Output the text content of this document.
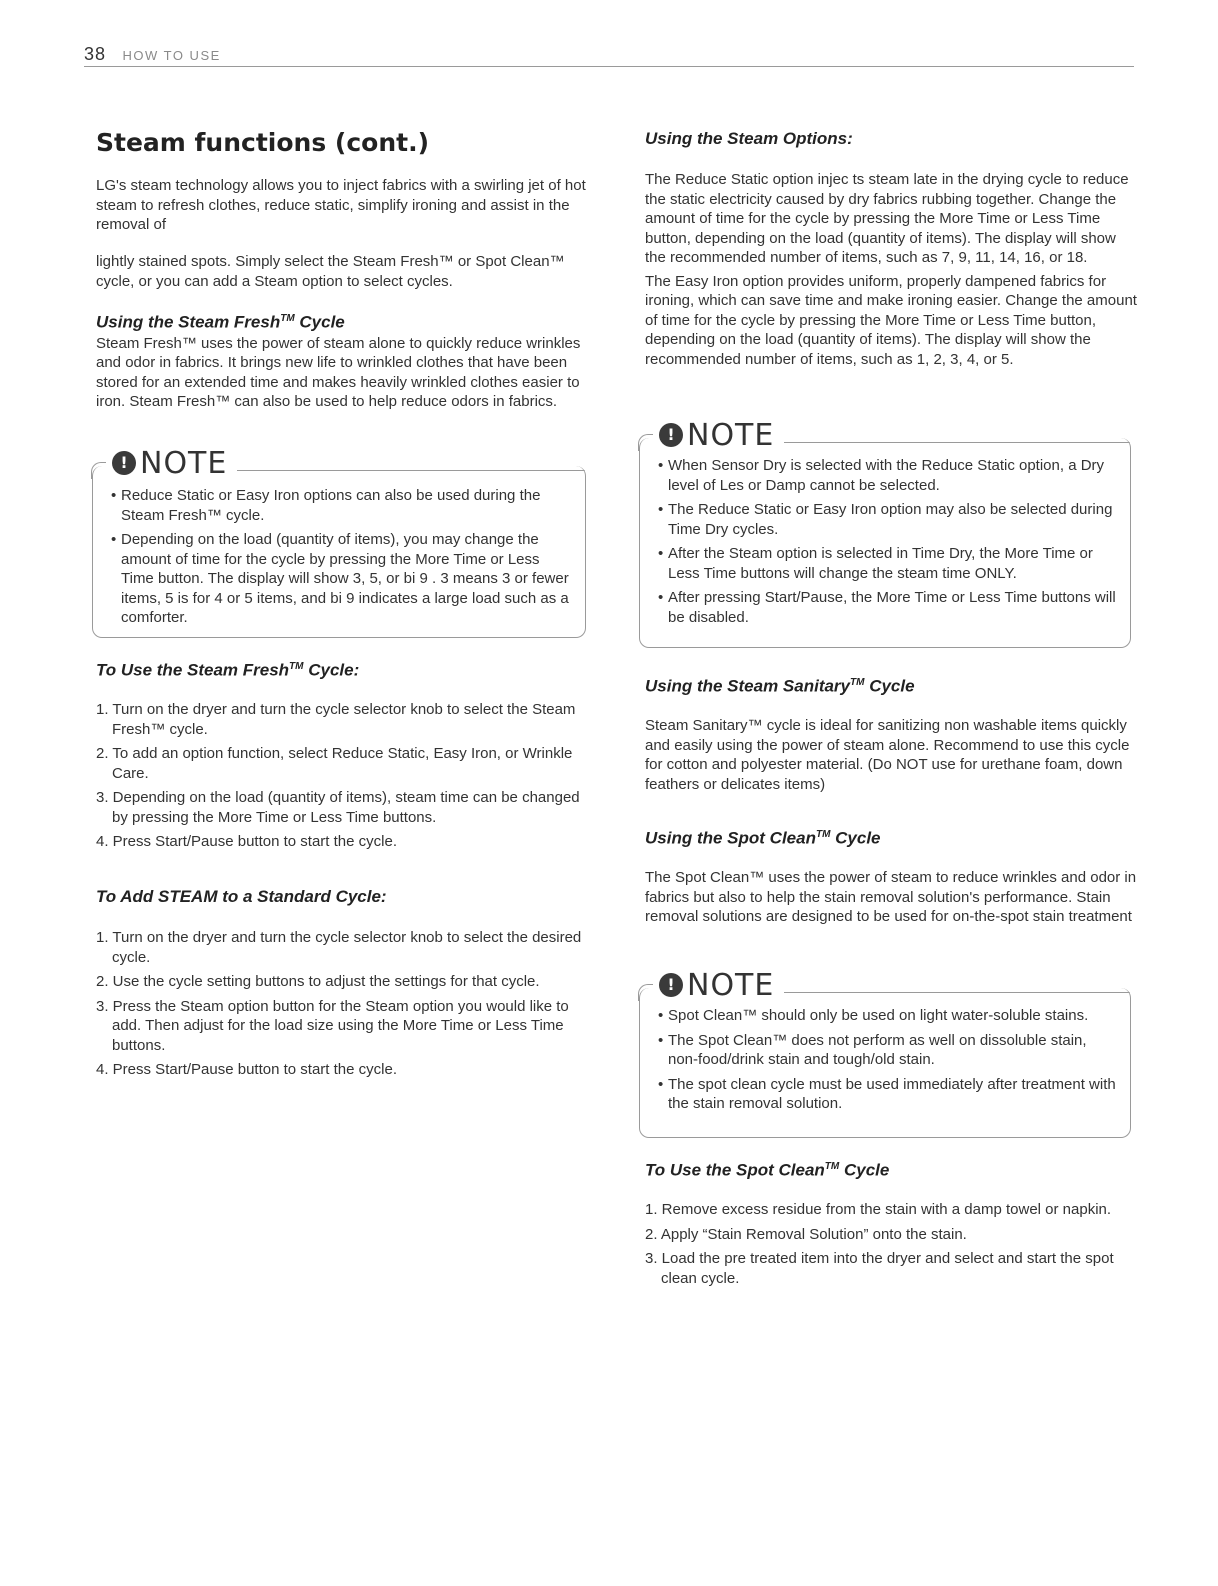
38 HOW TO USE
Steam functions (cont.)

LG's steam technology allows you to inject fabrics with a swirling jet of hot steam to refresh clothes, reduce static, simplify ironing and assist in the removal of

lightly stained spots. Simply select the Steam Fresh™ or Spot Clean™ cycle, or you can add a Steam option to select cycles.

Using the Steam Fresh™ Cycle

Steam Fresh™ uses the power of steam alone to quickly reduce wrinkles and odor in fabrics. It brings new life to wrinkled clothes that have been stored for an extended time and makes heavily wrinkled clothes easier to iron. Steam Fresh™ can also be used to help reduce odors in fabrics.

! NOTE
• Reduce Static or Easy Iron options can also be used during the Steam Fresh™ cycle.
• Depending on the load (quantity of items), you may change the amount of time for the cycle by pressing the More Time or Less Time button. The display will show 3, 5, or bi 9 . 3 means 3 or fewer items, 5 is for 4 or 5 items, and bi 9 indicates a large load such as a comforter.
To Use the Steam Fresh™ Cycle:
1. Turn on the dryer and turn the cycle selector knob to select the Steam Fresh™ cycle.
2. To add an option function, select Reduce Static, Easy Iron, or Wrinkle Care.
3. Depending on the load (quantity of items), steam time can be changed by pressing the More Time or Less Time buttons.
4. Press Start/Pause button to start the cycle.
To Add STEAM to a Standard Cycle:
1. Turn on the dryer and turn the cycle selector knob to select the desired cycle.
2. Use the cycle setting buttons to adjust the settings for that cycle.
3. Press the Steam option button for the Steam option you would like to add. Then adjust for the load size using the More Time or Less Time buttons.
4. Press Start/Pause button to start the cycle.
Using the Steam Options:

The Reduce Static option injec ts steam late in the drying cycle to reduce the static electricity caused by dry fabrics rubbing together. Change the amount of time for the cycle by pressing the More Time or Less Time button, depending on the load (quantity of items). The display will show the recommended number of items, such as 7, 9, 11, 14, 16, or 18.

The Easy Iron option provides uniform, properly dampened fabrics for ironing, which can save time and make ironing easier. Change the amount of time for the cycle by pressing the More Time or Less Time button, depending on the load (quantity of items). The display will show the recommended number of items, such as 1, 2, 3, 4, or 5.

! NOTE
• When Sensor Dry is selected with the Reduce Static option, a Dry level of Les or Damp cannot be selected.
• The Reduce Static or Easy Iron option may also be selected during Time Dry cycles.
• After the Steam option is selected in Time Dry, the More Time or Less Time buttons will change the steam time ONLY.
• After pressing Start/Pause, the More Time or Less Time buttons will be disabled.
Using the Steam Sanitary™ Cycle

Steam Sanitary™ cycle is ideal for sanitizing non washable items quickly and easily using the power of steam alone. Recommend to use this cycle for cotton and polyester material. (Do NOT use for urethane foam, down feathers or delicates items)

Using the Spot Clean™ Cycle

The Spot Clean™ uses the power of steam to reduce wrinkles and odor in fabrics but also to help the stain removal solution's performance. Stain removal solutions are designed to be used for on-the-spot stain treatment

! NOTE
• Spot Clean™ should only be used on light water-soluble stains.
• The Spot Clean™ does not perform as well on dissoluble stain, non-food/drink stain and tough/old stain.
• The spot clean cycle must be used immediately after treatment with the stain removal solution.
To Use the Spot Clean™ Cycle
1. Remove excess residue from the stain with a damp towel or napkin.
2. Apply “Stain Removal Solution” onto the stain.
3. Load the pre treated item into the dryer and select and start the spot clean cycle.
